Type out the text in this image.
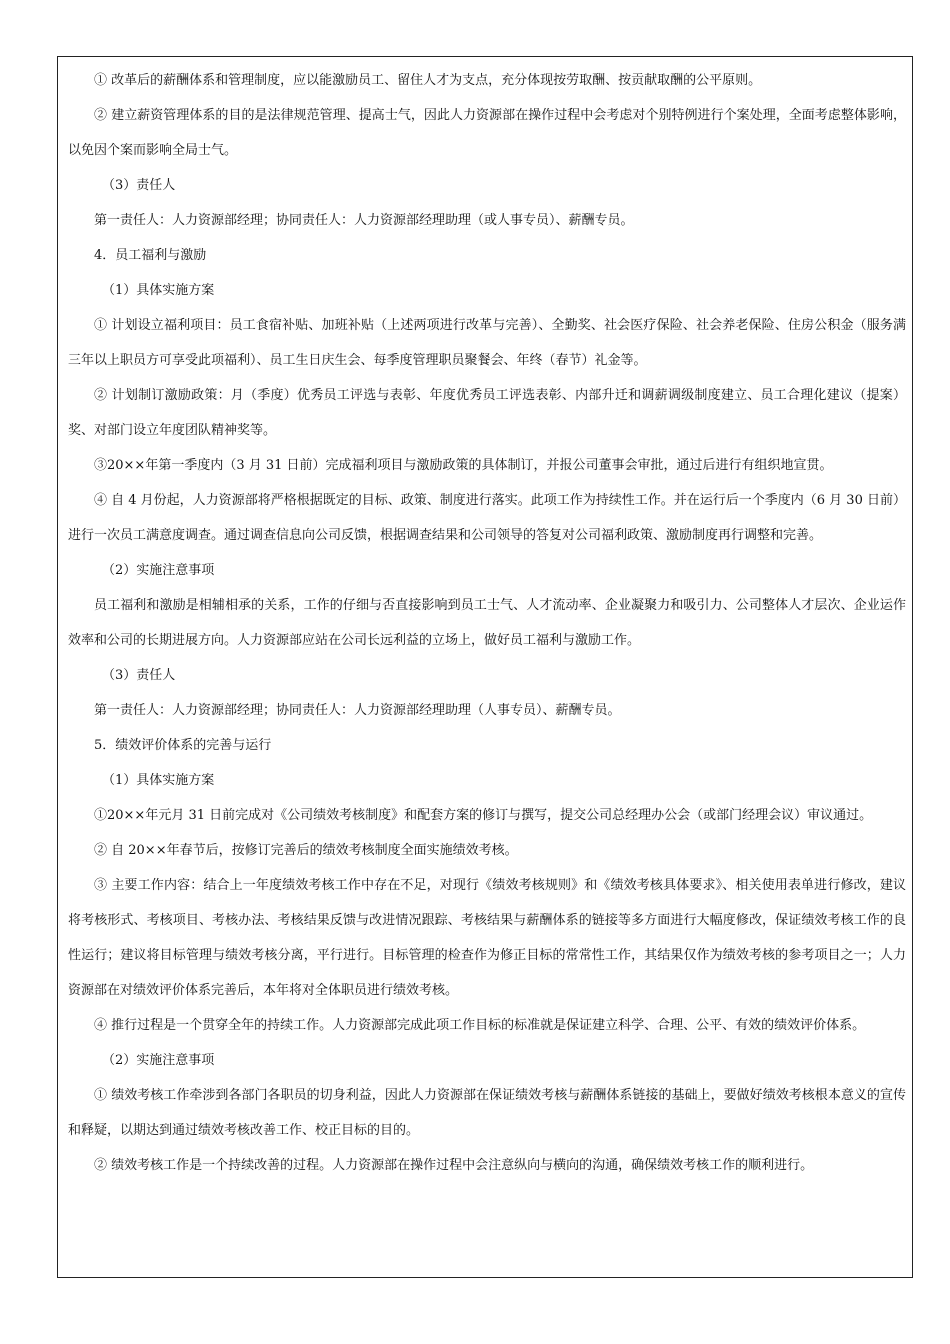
① 改革后的薪酬体系和管理制度，应以能激励员工、留住人才为支点，充分体现按劳取酬、按贡献取酬的公平原则。

② 建立薪资管理体系的目的是法律规范管理、提高士气，因此人力资源部在操作过程中会考虑对个别特例进行个案处理，全面考虑整体影响，以免因个案而影响全局士气。

（3）责任人

第一责任人：人力资源部经理；协同责任人：人力资源部经理助理（或人事专员）、薪酬专员。

4．员工福利与激励

（1）具体实施方案

① 计划设立福利项目：员工食宿补贴、加班补贴（上述两项进行改革与完善）、全勤奖、社会医疗保险、社会养老保险、住房公积金（服务满三年以上职员方可享受此项福利）、员工生日庆生会、每季度管理职员聚餐会、年终（春节）礼金等。

② 计划制订激励政策：月（季度）优秀员工评选与表彰、年度优秀员工评选表彰、内部升迁和调薪调级制度建立、员工合理化建议（提案）奖、对部门设立年度团队精神奖等。

③20××年第一季度内（3 月 31 日前）完成福利项目与激励政策的具体制订，并报公司董事会审批，通过后进行有组织地宣贯。

④ 自 4 月份起，人力资源部将严格根据既定的目标、政策、制度进行落实。此项工作为持续性工作。并在运行后一个季度内（6 月 30 日前）进行一次员工满意度调查。通过调查信息向公司反馈，根据调查结果和公司领导的答复对公司福利政策、激励制度再行调整和完善。

（2）实施注意事项

员工福利和激励是相辅相承的关系，工作的仔细与否直接影响到员工士气、人才流动率、企业凝聚力和吸引力、公司整体人才层次、企业运作效率和公司的长期进展方向。人力资源部应站在公司长远利益的立场上，做好员工福利与激励工作。

（3）责任人

第一责任人：人力资源部经理；协同责任人：人力资源部经理助理（人事专员）、薪酬专员。

5．绩效评价体系的完善与运行

（1）具体实施方案

①20××年元月 31 日前完成对《公司绩效考核制度》和配套方案的修订与撰写，提交公司总经理办公会（或部门经理会议）审议通过。

② 自 20××年春节后，按修订完善后的绩效考核制度全面实施绩效考核。

③ 主要工作内容：结合上一年度绩效考核工作中存在不足，对现行《绩效考核规则》和《绩效考核具体要求》、相关使用表单进行修改，建议将考核形式、考核项目、考核办法、考核结果反馈与改进情况跟踪、考核结果与薪酬体系的链接等多方面进行大幅度修改，保证绩效考核工作的良性运行；建议将目标管理与绩效考核分离，平行进行。目标管理的检查作为修正目标的常常性工作，其结果仅作为绩效考核的参考项目之一；人力资源部在对绩效评价体系完善后，本年将对全体职员进行绩效考核。

④ 推行过程是一个贯穿全年的持续工作。人力资源部完成此项工作目标的标准就是保证建立科学、合理、公平、有效的绩效评价体系。

（2）实施注意事项

① 绩效考核工作牵涉到各部门各职员的切身利益，因此人力资源部在保证绩效考核与薪酬体系链接的基础上，要做好绩效考核根本意义的宣传和释疑，以期达到通过绩效考核改善工作、校正目标的目的。

② 绩效考核工作是一个持续改善的过程。人力资源部在操作过程中会注意纵向与横向的沟通，确保绩效考核工作的顺利进行。
